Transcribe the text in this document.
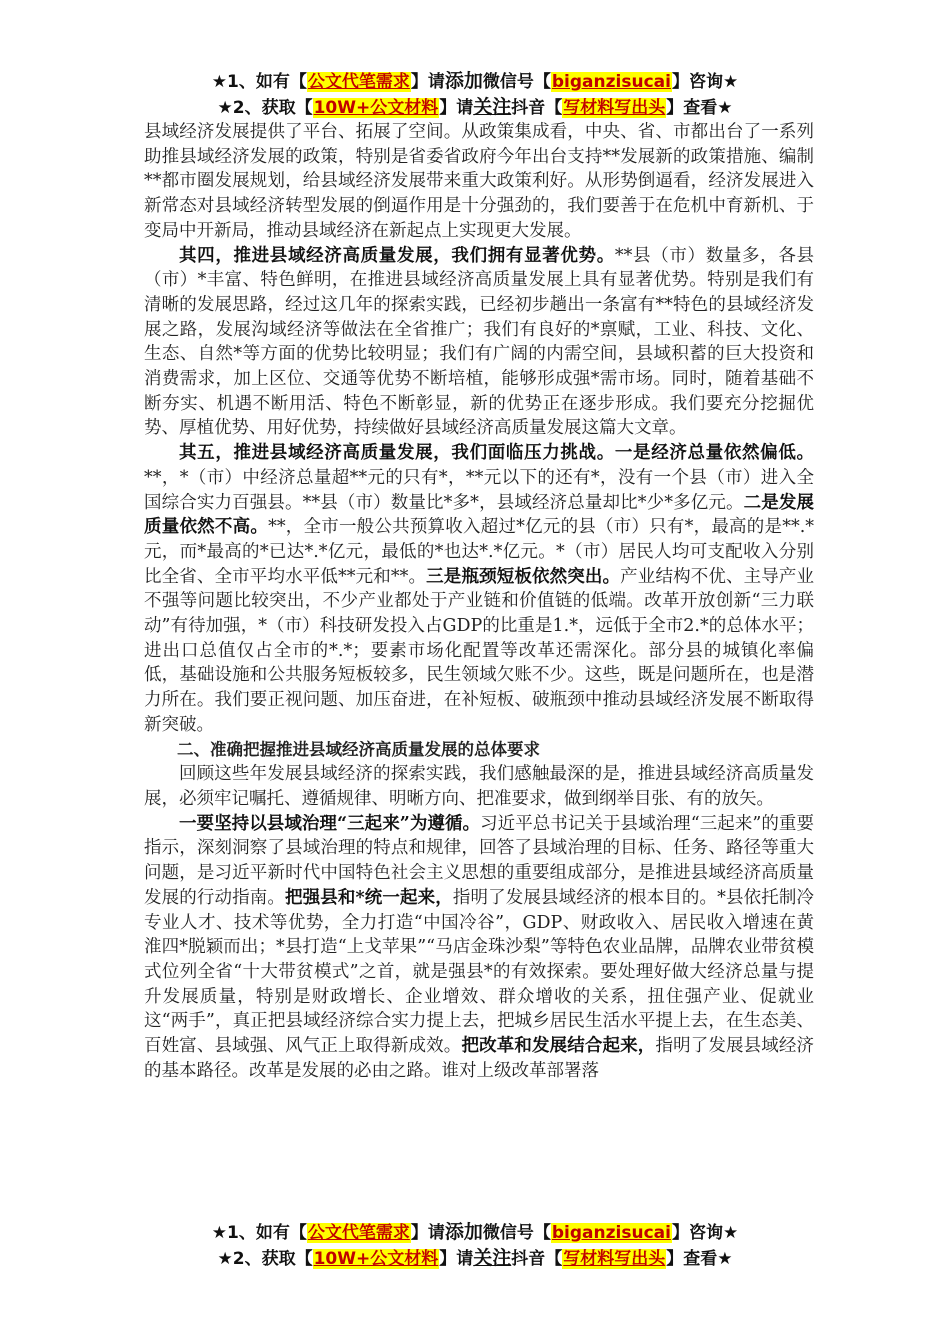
★1、如有【公文代笔需求】请添加微信号【biganzisucai】咨询★
★2、获取【10W+公文材料】请关注抖音【写材料写出头】查看★

县域经济发展提供了平台、拓展了空间。从政策集成看，中央、省、市都出台了一系列助推县域经济发展的政策，特别是省委省政府今年出台支持**发展新的政策措施、编制**都市圈发展规划，给县域经济发展带来重大政策利好。从形势倒逼看，经济发展进入新常态对县域经济转型发展的倒逼作用是十分强劲的，我们要善于在危机中育新机、于变局中开新局，推动县域经济在新起点上实现更大发展。

其四，推进县域经济高质量发展，我们拥有显著优势。**县（市）数量多，各县（市）*丰富、特色鲜明，在推进县域经济高质量发展上具有显著优势。特别是我们有清晰的发展思路，经过这几年的探索实践，已经初步趟出一条富有**特色的县域经济发展之路，发展沟域经济等做法在全省推广；我们有良好的*禀赋，工业、科技、文化、生态、自然*等方面的优势比较明显；我们有广阔的内需空间，县域积蓄的巨大投资和消费需求，加上区位、交通等优势不断培植，能够形成强*需市场。同时，随着基础不断夯实、机遇不断用活、特色不断彰显，新的优势正在逐步形成。我们要充分挖掘优势、厚植优势、用好优势，持续做好县域经济高质量发展这篇大文章。

其五，推进县域经济高质量发展，我们面临压力挑战。一是经济总量依然偏低。**，*（市）中经济总量超**元的只有*，**元以下的还有*，没有一个县（市）进入全国综合实力百强县。**县（市）数量比*多*，县域经济总量却比*少*多亿元。二是发展质量依然不高。**，全市一般公共预算收入超过*亿元的县（市）只有*，最高的是**.*元，而*最高的*已达*.*亿元，最低的*也达*.*亿元。*（市）居民人均可支配收入分别比全省、全市平均水平低**元和**。三是瓶颈短板依然突出。产业结构不优、主导产业不强等问题比较突出，不少产业都处于产业链和价值链的低端。改革开放创新“三力联动”有待加强，*（市）科技研发投入占GDP的比重是1.*，远低于全市2.*的总体水平；进出口总值仅占全市的*.*；要素市场化配置等改革还需深化。部分县的城镇化率偏低，基础设施和公共服务短板较多，民生领域欠账不少。这些，既是问题所在，也是潜力所在。我们要正视问题、加压奋进，在补短板、破瓶颈中推动县域经济发展不断取得新突破。

二、准确把握推进县域经济高质量发展的总体要求

回顾这些年发展县域经济的探索实践，我们感触最深的是，推进县域经济高质量发展，必须牢记嘱托、遵循规律、明晰方向、把准要求，做到纲举目张、有的放矢。

一要坚持以县域治理“三起来”为遵循。习近平总书记关于县域治理“三起来”的重要指示，深刻洞察了县域治理的特点和规律，回答了县域治理的目标、任务、路径等重大问题，是习近平新时代中国特色社会主义思想的重要组成部分，是推进县域经济高质量发展的行动指南。把强县和*统一起来，指明了发展县域经济的根本目的。*县依托制冷专业人才、技术等优势，全力打造“中国冷谷”，GDP、财政收入、居民收入增速在黄淮四*脱颖而出；*县打造“上戈苹果”“马店金珠沙梨”等特色农业品牌，品牌农业带贫模式位列全省“十大带贫模式”之首，就是强县*的有效探索。要处理好做大经济总量与提升发展质量，特别是财政增长、企业增效、群众增收的关系，扭住强产业、促就业这“两手”，真正把县域经济综合实力提上去，把城乡居民生活水平提上去，在生态美、百姓富、县域强、风气正上取得新成效。把改革和发展结合起来，指明了发展县域经济的基本路径。改革是发展的必由之路。谁对上级改革部署落

★1、如有【公文代笔需求】请添加微信号【biganzisucai】咨询★
★2、获取【10W+公文材料】请关注抖音【写材料写出头】查看★
